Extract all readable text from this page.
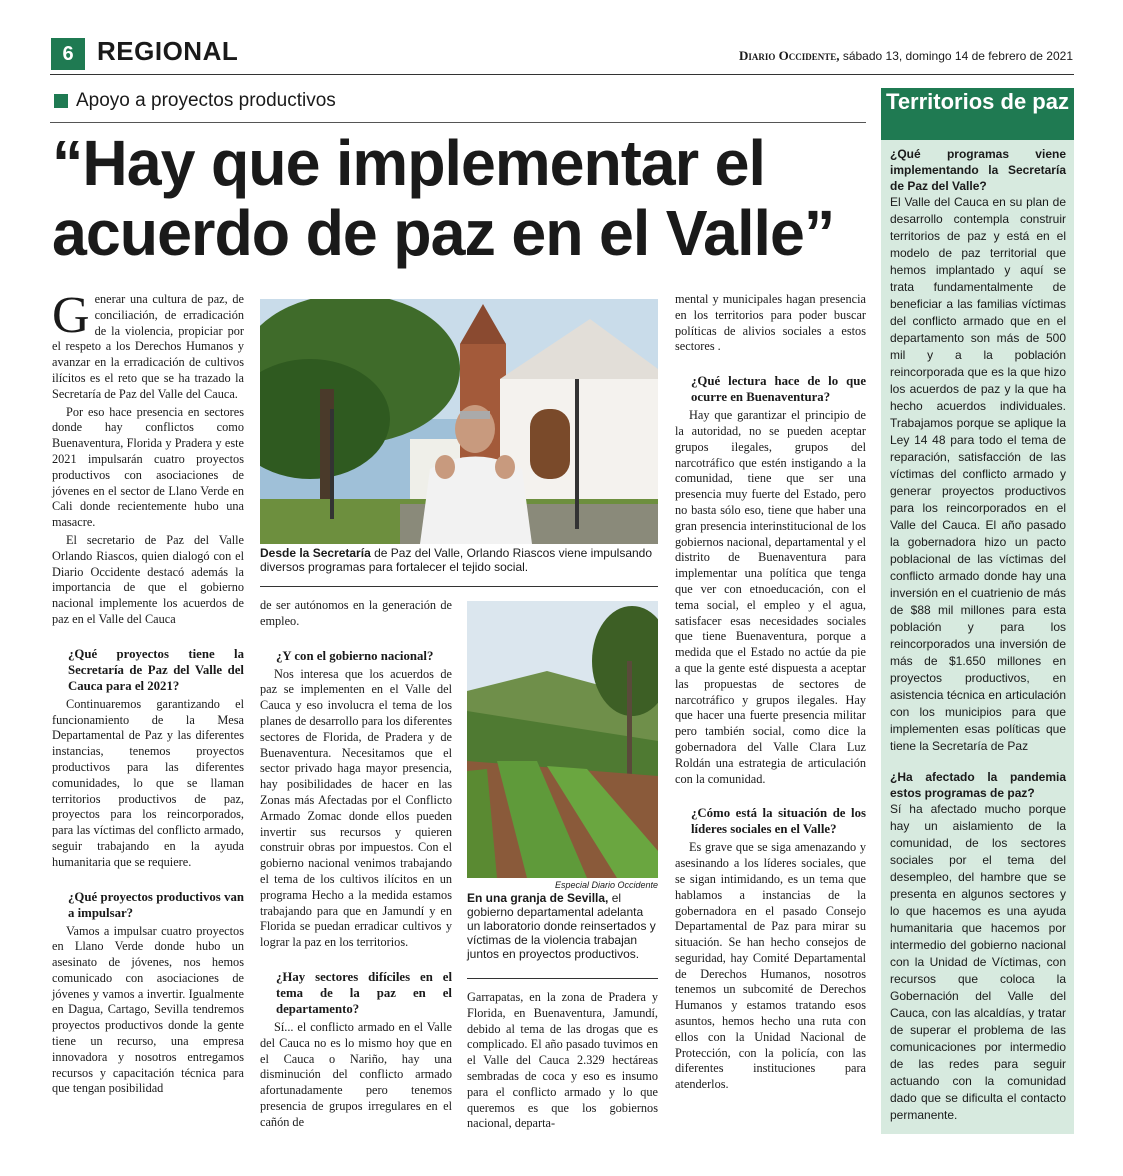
6 REGIONAL	Diario Occidente, sábado 13, domingo 14 de febrero de 2021
Apoyo a proyectos productivos
“Hay que implementar el acuerdo de paz en el Valle”

Generar una cultura de paz, de conciliación, de erradicación de la violencia, propiciar por el respeto a los Derechos Humanos y avanzar en la erradicación de cultivos ilícitos es el reto que se ha trazado la Secretaría de Paz del Valle del Cauca.

Por eso hace presencia en sectores donde hay conflictos como Buenaventura, Florida y Pradera y este 2021 impulsarán cuatro proyectos productivos con asociaciones de jóvenes en el sector de Llano Verde en Cali donde recientemente hubo una masacre.

El secretario de Paz del Valle Orlando Riascos, quien dialogó con el Diario Occidente destacó además la importancia de que el gobierno nacional implemente los acuerdos de paz en el Valle del Cauca

¿Qué proyectos tiene la Secretaría de Paz del Valle del Cauca para el 2021?

Continuaremos garantizando el funcionamiento de la Mesa Departamental de Paz y las diferentes instancias, tenemos proyectos productivos para las diferentes comunidades, lo que se llaman territorios productivos de paz, proyectos para los reincorporados, para las víctimas del conflicto armado, seguir trabajando en la ayuda humanitaria que se requiere.

¿Qué proyectos productivos van a impulsar?

Vamos a impulsar cuatro proyectos en Llano Verde donde hubo un asesinato de jóvenes, nos hemos comunicado con asociaciones de jóvenes y vamos a invertir. Igualmente en Dagua, Cartago, Sevilla tendremos proyectos productivos donde la gente tiene un recurso, una empresa innovadora y nosotros entregamos recursos y capacitación técnica para que tengan posibilidad

Desde la Secretaría de Paz del Valle, Orlando Riascos viene impulsando diversos programas para fortalecer el tejido social.

de ser autónomos en la generación de empleo.

¿Y con el gobierno nacional?

Nos interesa que los acuerdos de paz se implementen en el Valle del Cauca y eso involucra el tema de los planes de desarrollo para los diferentes sectores de Florida, de Pradera y de Buenaventura. Necesitamos que el sector privado haga mayor presencia, hay posibilidades de hacer en las Zonas más Afectadas por el Conflicto Armado Zomac donde ellos pueden invertir sus recursos y quieren construir obras por impuestos. Con el gobierno nacional venimos trabajando el tema de los cultivos ilícitos en un programa Hecho a la medida estamos trabajando para que en Jamundí y en Florida se puedan erradicar cultivos y lograr la paz en los territorios.

¿Hay sectores difíciles en el tema de la paz en el departamento?

Sí... el conflicto armado en el Valle del Cauca no es lo mismo hoy que en el Cauca o Nariño, hay una disminución del conflicto armado afortunadamente pero tenemos presencia de grupos irregulares en el cañón de

Especial Diario Occidente
En una granja de Sevilla, el gobierno departamental adelanta un laboratorio donde reinsertados y víctimas de la violencia trabajan juntos en proyectos productivos.

Garrapatas, en la zona de Pradera y Florida, en Buenaventura, Jamundí, debido al tema de las drogas que es complicado. El año pasado tuvimos en el Valle del Cauca 2.329 hectáreas sembradas de coca y eso es insumo para el conflicto armado y lo que queremos es que los gobiernos nacional, departa-

mental y municipales hagan presencia en los territorios para poder buscar políticas de alivios sociales a estos sectores .

¿Qué lectura hace de lo que ocurre en Buenaventura?

Hay que garantizar el principio de la autoridad, no se pueden aceptar grupos ilegales, grupos del narcotráfico que estén instigando a la comunidad, tiene que ser una presencia muy fuerte del Estado, pero no basta sólo eso, tiene que haber una gran presencia interinstitucional de los gobiernos nacional, departamental y el distrito de Buenaventura para implementar una política que tenga que ver con etnoeducación, con el tema social, el empleo y el agua, satisfacer esas necesidades sociales que tiene Buenaventura, porque a medida que el Estado no actúe da pie a que la gente esté dispuesta a aceptar las propuestas de sectores de narcotráfico y grupos ilegales. Hay que hacer una fuerte presencia militar pero también social, como dice la gobernadora del Valle Clara Luz Roldán una estrategia de articulación con la comunidad.

¿Cómo está la situación de los líderes sociales en el Valle?

Es grave que se siga amenazando y asesinando a los líderes sociales, que se sigan intimidando, es un tema que hablamos a instancias de la gobernadora en el pasado Consejo Departamental de Paz para mirar su situación. Se han hecho consejos de seguridad, hay Comité Departamental de Derechos Humanos, nosotros tenemos un subcomité de Derechos Humanos y estamos tratando esos asuntos, hemos hecho una ruta con ellos con la Unidad Nacional de Protección, con la policía, con las diferentes instituciones para atenderlos.

Territorios de paz
¿Qué programas viene implementando la Secretaría de Paz del Valle?

El Valle del Cauca en su plan de desarrollo contempla construir territorios de paz y está en el modelo de paz territorial que hemos implantado y aquí se trata fundamentalmente de beneficiar a las familias víctimas del conflicto armado que en el departamento son más de 500 mil y a la población reincorporada que es la que hizo los acuerdos de paz y la que ha hecho acuerdos individuales. Trabajamos porque se aplique la Ley 14 48 para todo el tema de reparación, satisfacción de las víctimas del conflicto armado y generar proyectos productivos para los reincorporados en el Valle del Cauca. El año pasado la gobernadora hizo un pacto poblacional de las víctimas del conflicto armado donde hay una inversión en el cuatrienio de más de $88 mil millones para esta población y para los reincorporados una inversión de más de $1.650 millones en proyectos productivos, en asistencia técnica en articulación con los municipios para que implementen esas políticas que tiene la Secretaría de Paz

¿Ha afectado la pandemia estos programas de paz?

Sí ha afectado mucho porque hay un aislamiento de la comunidad, de los sectores sociales por el tema del desempleo, del hambre que se presenta en algunos sectores y lo que hacemos es una ayuda humanitaria que hacemos por intermedio del gobierno nacional con la Unidad de Víctimas, con recursos que coloca la Gobernación del Valle del Cauca, con las alcaldías, y tratar de superar el problema de las comunicaciones por intermedio de las redes para seguir actuando con la comunidad dado que se dificulta el contacto permanente.
